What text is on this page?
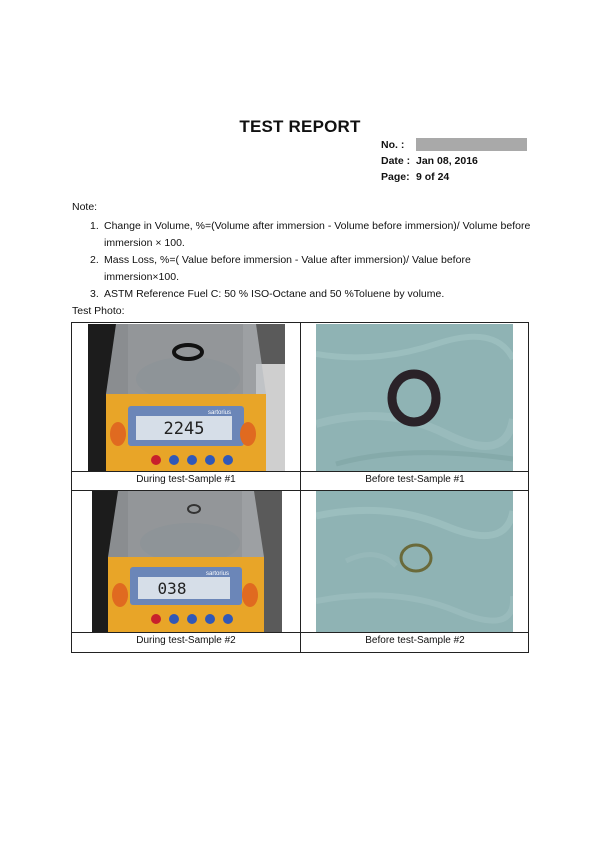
TEST REPORT
No. :
Date : Jan 08, 2016
Page: 9 of 24
Note:
1. Change in Volume, %=(Volume after immersion - Volume before immersion)/ Volume before immersion × 100.
2. Mass Loss, %=( Value before immersion - Value after immersion)/ Value before immersion×100.
3. ASTM Reference Fuel C: 50 % ISO-Octane and 50 %Toluene by volume.
Test Photo:
2245
sartorius
During test-Sample #1	Before test-Sample #1
038
sartorius
During test-Sample #2	Before test-Sample #2
